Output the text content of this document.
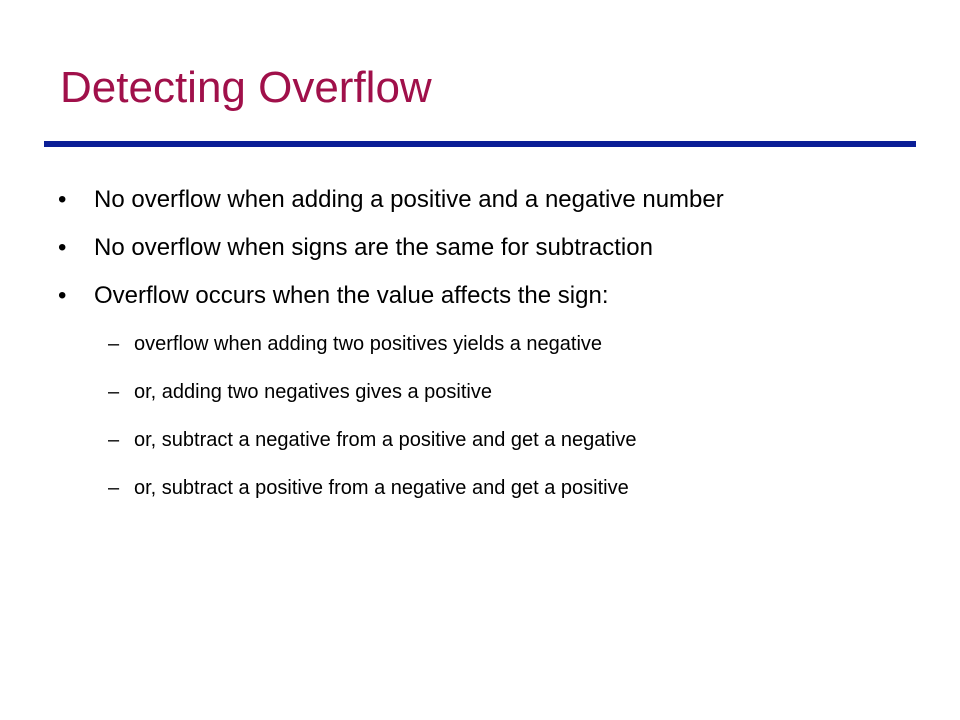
Detecting Overflow
• No overflow when adding a positive and a negative number
• No overflow when signs are the same for subtraction
• Overflow occurs when the value affects the sign:
– overflow when adding two positives yields a negative
– or, adding two negatives gives a positive
– or, subtract a negative from a positive and get a negative
– or, subtract a positive from a negative and get a positive
